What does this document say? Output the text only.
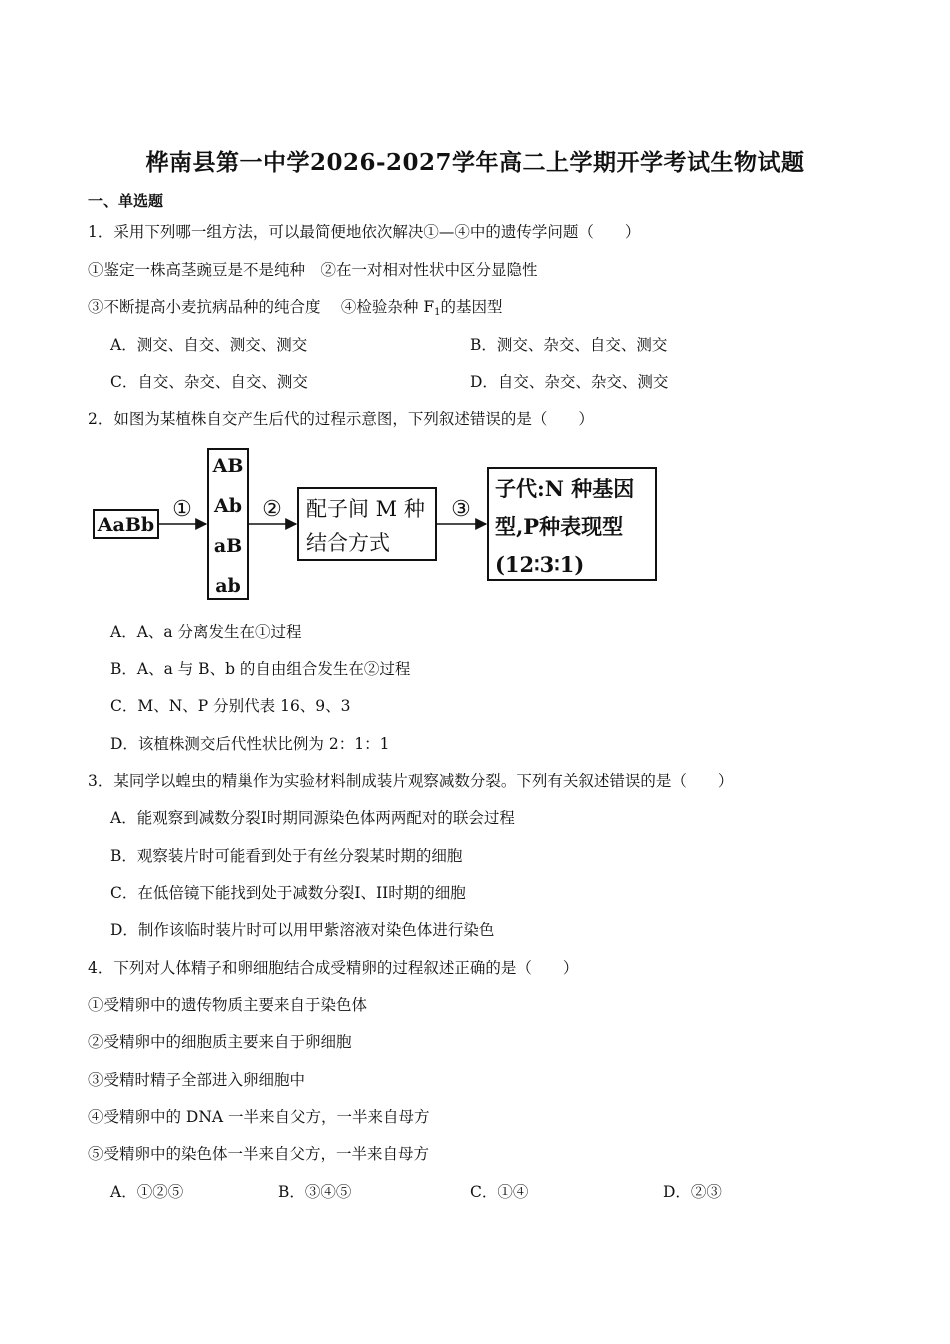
桦南县第一中学2026-2027学年高二上学期开学考试生物试题
一、单选题
1．采用下列哪一组方法，可以最简便地依次解决①—④中的遗传学问题（　　）
①鉴定一株高茎豌豆是不是纯种　②在一对相对性状中区分显隐性
③不断提高小麦抗病品种的纯合度　 ④检验杂种 $F_1$的基因型
A．测交、自交、测交、测交	B．测交、杂交、自交、测交
C．自交、杂交、自交、测交	D．自交、杂交、杂交、测交
2．如图为某植株自交产生后代的过程示意图，下列叙述错误的是（　　）
AaBb
①
AB
Ab
aB
ab
② 配子间 M 种
结合方式
③
子代:N 种基因
型,P种表现型
(12∶3∶1)
A．A、a 分离发生在①过程
B．A、a 与 B、b 的自由组合发生在②过程
C．M、N、P 分别代表 16、9、3
D．该植株测交后代性状比例为 2：1：1
3．某同学以蝗虫的精巢作为实验材料制成装片观察减数分裂。下列有关叙述错误的是（　　）
A．能观察到减数分裂I时期同源染色体两两配对的联会过程
B．观察装片时可能看到处于有丝分裂某时期的细胞
C．在低倍镜下能找到处于减数分裂I、II时期的细胞
D．制作该临时装片时可以用甲紫溶液对染色体进行染色
4．下列对人体精子和卵细胞结合成受精卵的过程叙述正确的是（　　）
①受精卵中的遗传物质主要来自于染色体
②受精卵中的细胞质主要来自于卵细胞
③受精时精子全部进入卵细胞中
④受精卵中的 DNA 一半来自父方，一半来自母方
⑤受精卵中的染色体一半来自父方，一半来自母方
A．①②⑤	B．③④⑤	C．①④	D．②③
